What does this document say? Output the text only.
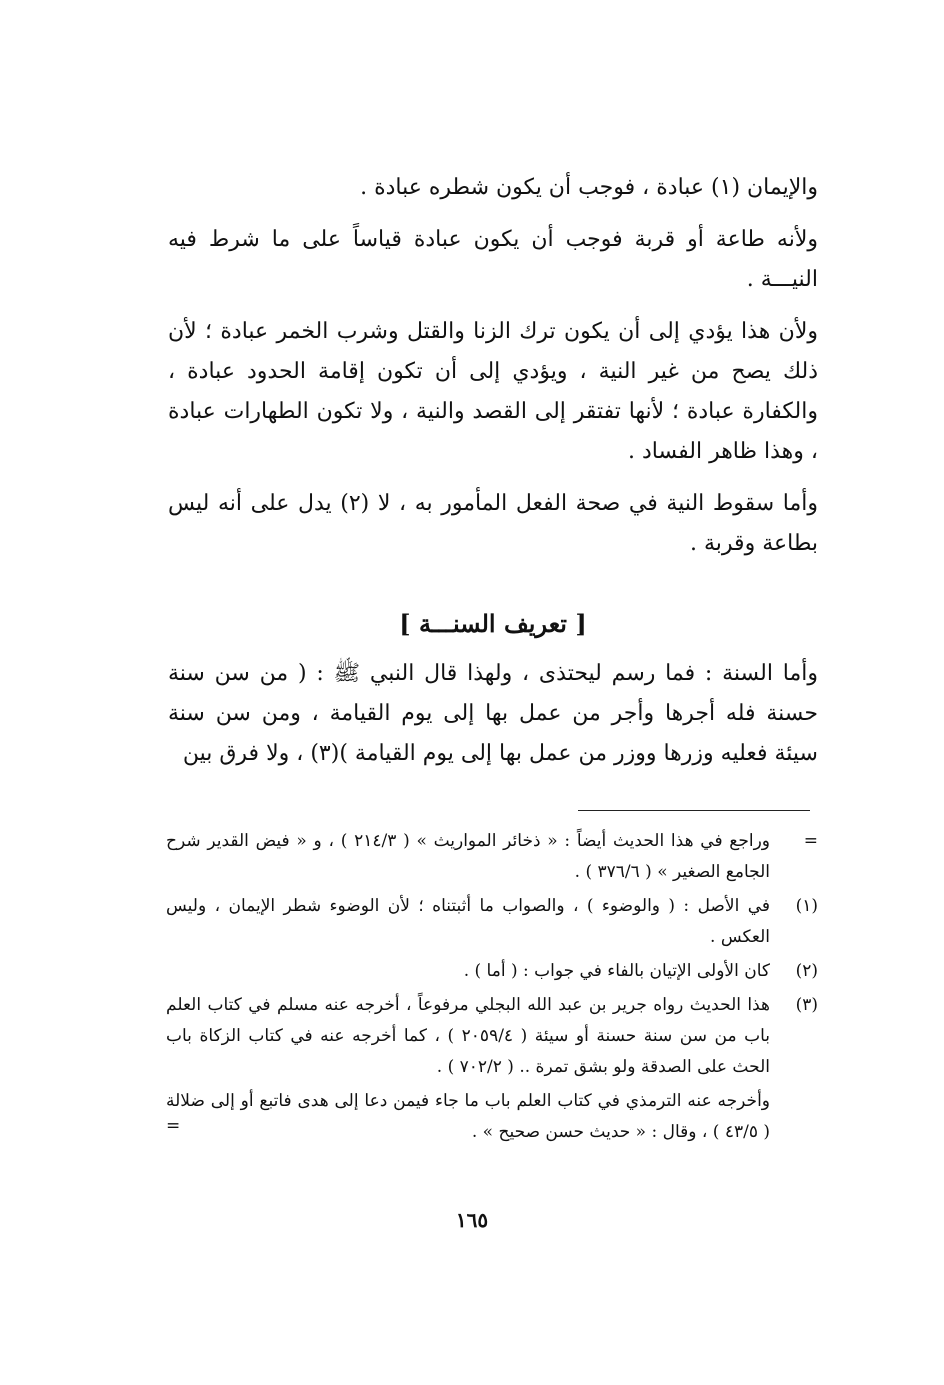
والإيمان (١) عبادة ، فوجب أن يكون شطره عبادة .

ولأنه طاعة أو قربة فوجب أن يكون عبادة قياساً على ما شرط فيه النيـــة .

ولأن هذا يؤدي إلى أن يكون ترك الزنا والقتل وشرب الخمر عبادة ؛ لأن ذلك يصح من غير النية ، ويؤدي إلى أن تكون إقامة الحدود عبادة ، والكفارة عبادة ؛ لأنها تفتقر إلى القصد والنية ، ولا تكون الطهارات عبادة ، وهذا ظاهر الفساد .

وأما سقوط النية في صحة الفعل المأمور به ، لا (٢) يدل على أنه ليس بطاعة وقربة .

[ تعريف السنـــة ]

وأما السنة : فما رسم ليحتذى ، ولهذا قال النبي ﷺ : ( من سن سنة حسنة فله أجرها وأجر من عمل بها إلى يوم القيامة ، ومن سن سنة سيئة فعليه وزرها ووزر من عمل بها إلى يوم القيامة )(٣) ، ولا فرق بين

=
وراجع في هذا الحديث أيضاً : « ذخائر المواريث » ( ٢١٤/٣ ) ، و « فيض القدير شرح الجامع الصغير » ( ٣٧٦/٦ ) .
(١)
في الأصل : ( والوضوء ) ، والصواب ما أثبتناه ؛ لأن الوضوء شطر الإيمان ، وليس العكس .
(٢)
كان الأولى الإتيان بالفاء في جواب : ( أما ) .
(٣)
هذا الحديث رواه جرير بن عبد الله البجلي مرفوعاً ، أخرجه عنه مسلم في كتاب العلم باب من سن سنة حسنة أو سيئة ( ٢٠٥٩/٤ ) ، كما أخرجه عنه في كتاب الزكاة باب الحث على الصدقة ولو بشق تمرة .. ( ٧٠٢/٢ ) .
وأخرجه عنه الترمذي في كتاب العلم باب ما جاء فيمن دعا إلى هدى فاتبع أو إلى ضلالة ( ٤٣/٥ ) ، وقال : « حديث حسن صحيح » .
=
١٦٥
